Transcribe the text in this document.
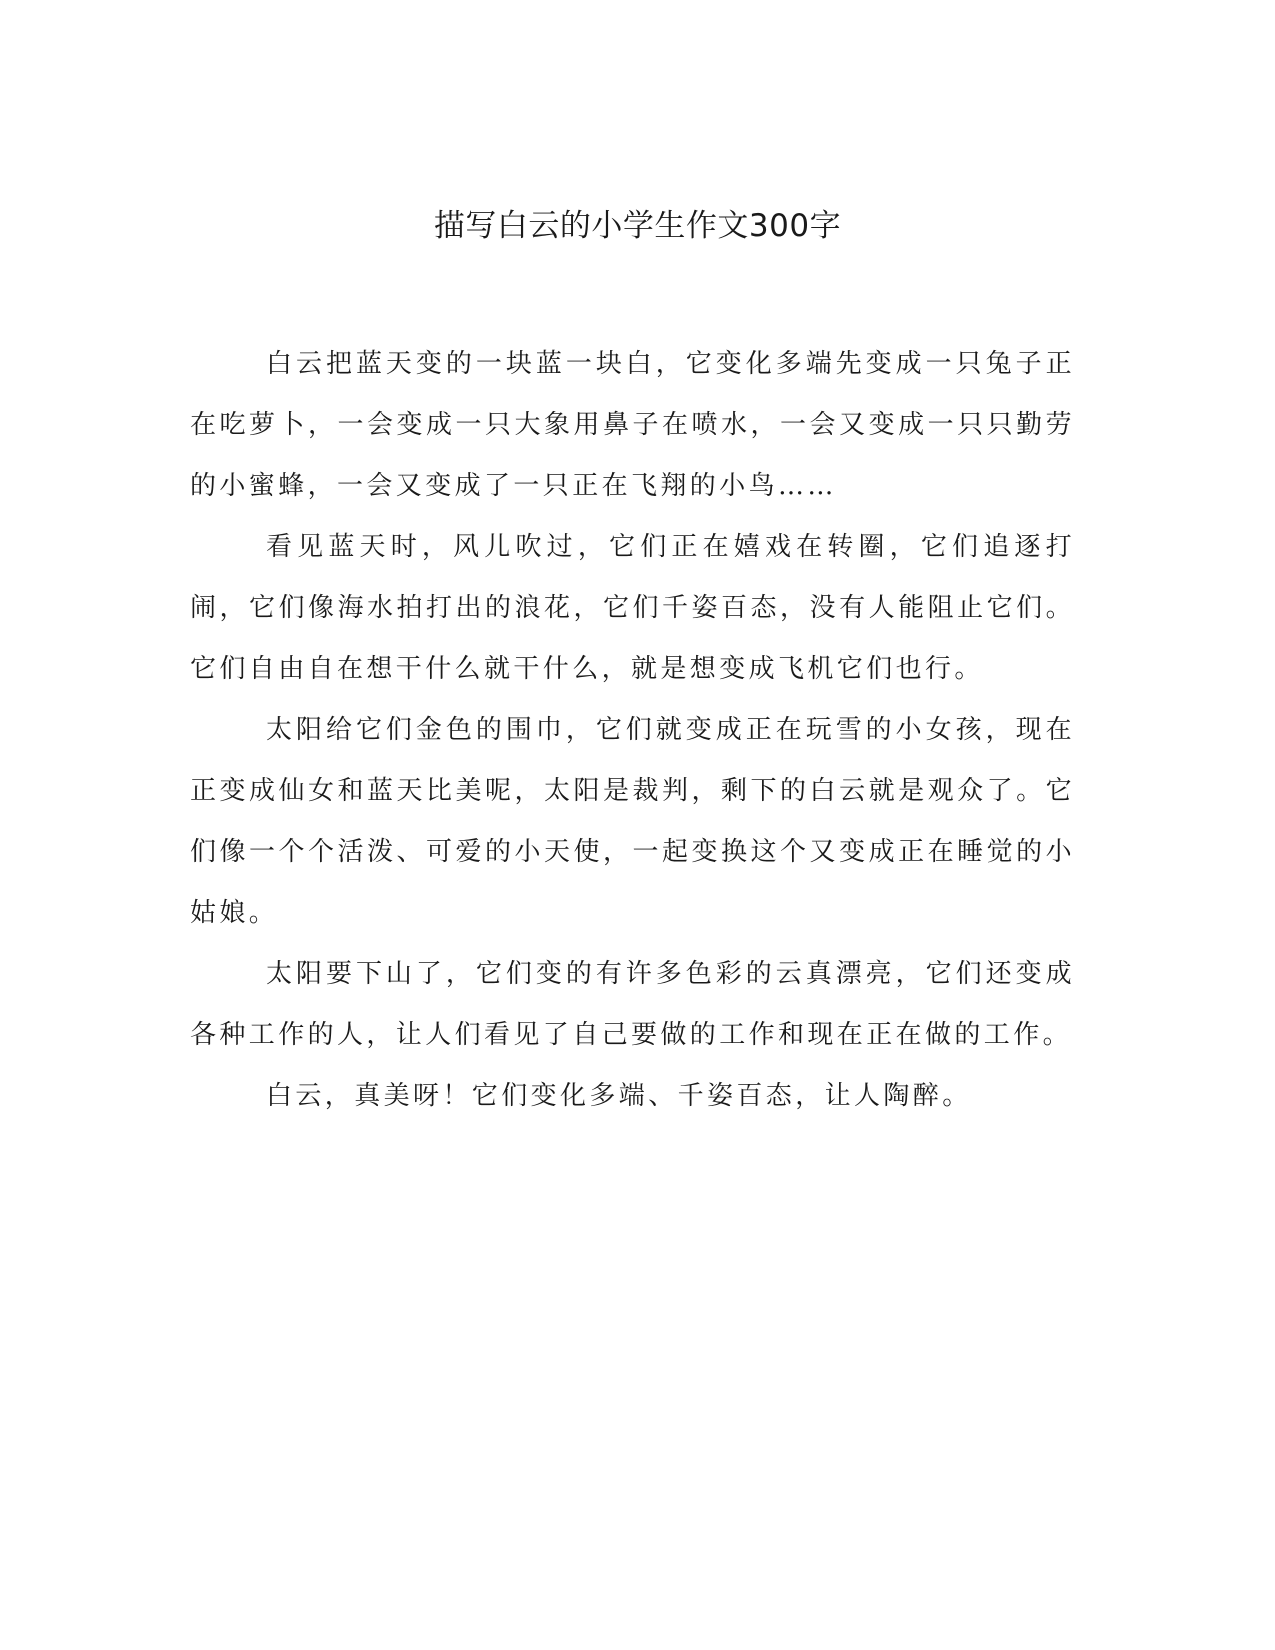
描写白云的小学生作文300字

白云把蓝天变的一块蓝一块白，它变化多端先变成一只兔子正在吃萝卜，一会变成一只大象用鼻子在喷水，一会又变成一只只勤劳的小蜜蜂，一会又变成了一只正在飞翔的小鸟……

看见蓝天时，风儿吹过，它们正在嬉戏在转圈，它们追逐打闹，它们像海水拍打出的浪花，它们千姿百态，没有人能阻止它们。它们自由自在想干什么就干什么，就是想变成飞机它们也行。

太阳给它们金色的围巾，它们就变成正在玩雪的小女孩，现在正变成仙女和蓝天比美呢，太阳是裁判，剩下的白云就是观众了。它们像一个个活泼、可爱的小天使，一起变换这个又变成正在睡觉的小姑娘。

太阳要下山了，它们变的有许多色彩的云真漂亮，它们还变成各种工作的人，让人们看见了自己要做的工作和现在正在做的工作。

白云，真美呀！它们变化多端、千姿百态，让人陶醉。
